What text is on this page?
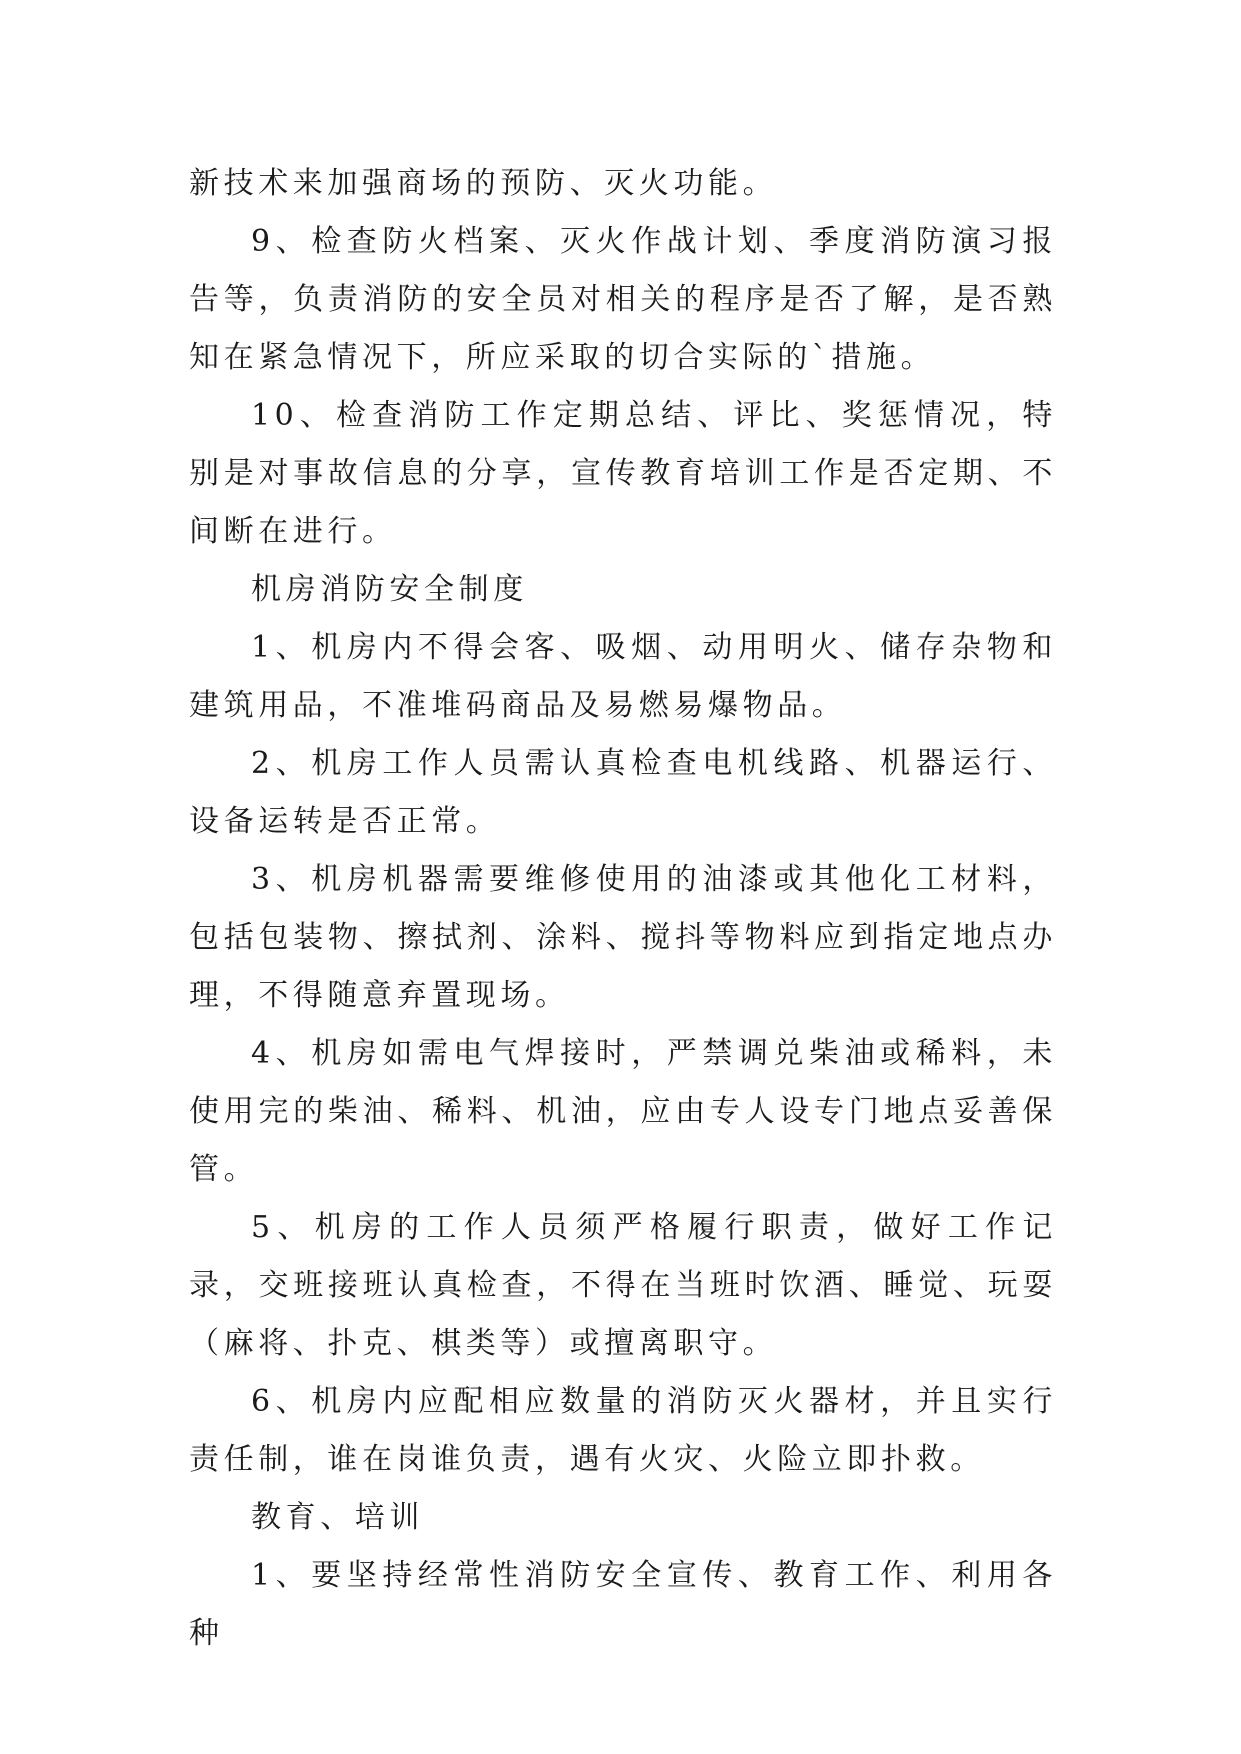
新技术来加强商场的预防、灭火功能。

9、检查防火档案、灭火作战计划、季度消防演习报告等，负责消防的安全员对相关的程序是否了解，是否熟知在紧急情况下，所应采取的切合实际的`措施。

10、检查消防工作定期总结、评比、奖惩情况，特别是对事故信息的分享，宣传教育培训工作是否定期、不间断在进行。

机房消防安全制度

1、机房内不得会客、吸烟、动用明火、储存杂物和建筑用品，不准堆码商品及易燃易爆物品。

2、机房工作人员需认真检查电机线路、机器运行、设备运转是否正常。

3、机房机器需要维修使用的油漆或其他化工材料，包括包装物、擦拭剂、涂料、搅抖等物料应到指定地点办理，不得随意弃置现场。

4、机房如需电气焊接时，严禁调兑柴油或稀料，未使用完的柴油、稀料、机油，应由专人设专门地点妥善保管。

5、机房的工作人员须严格履行职责，做好工作记录，交班接班认真检查，不得在当班时饮酒、睡觉、玩耍（麻将、扑克、棋类等）或擅离职守。

6、机房内应配相应数量的消防灭火器材，并且实行责任制，谁在岗谁负责，遇有火灾、火险立即扑救。

教育、培训

1、要坚持经常性消防安全宣传、教育工作、利用各种
